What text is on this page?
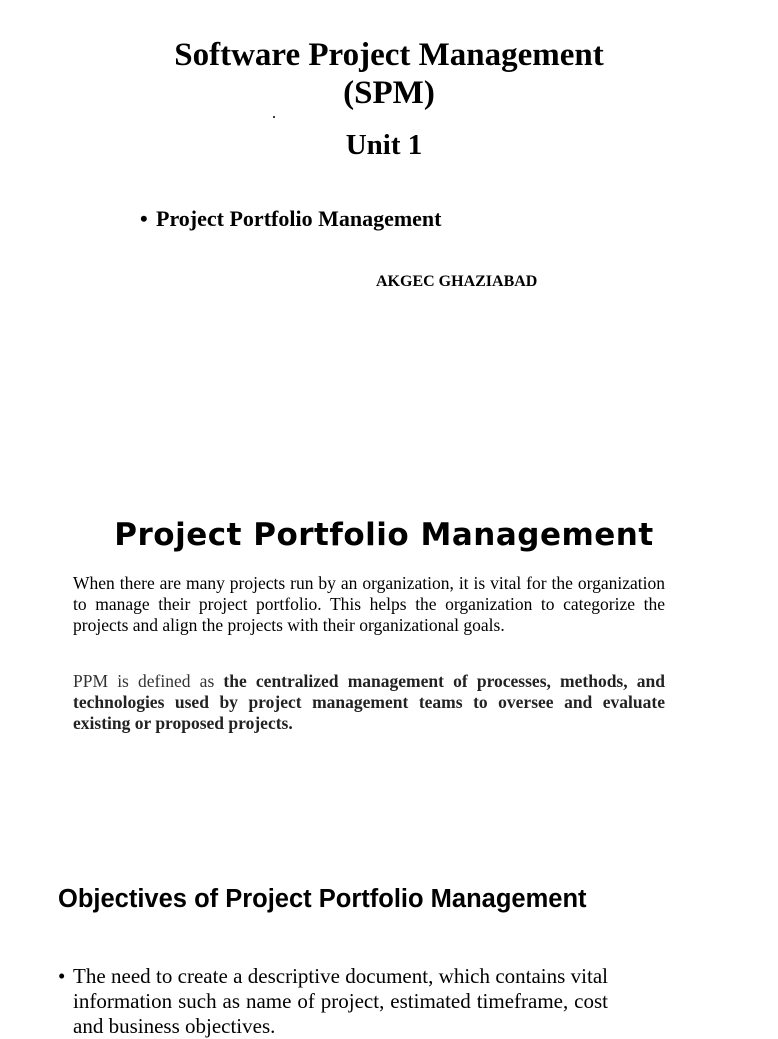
Software Project Management
(SPM)
Unit 1
• Project Portfolio Management
AKGEC GHAZIABAD
Project Portfolio Management
When there are many projects run by an organization, it is vital for the organization to manage their project portfolio. This helps the organization to categorize the projects and align the projects with their organizational goals.
PPM is defined as the centralized management of processes, methods, and technologies used by project management teams to oversee and evaluate existing or proposed projects.
Objectives of Project Portfolio Management
• The need to create a descriptive document, which contains vital information such as name of project, estimated timeframe, cost and business objectives.
